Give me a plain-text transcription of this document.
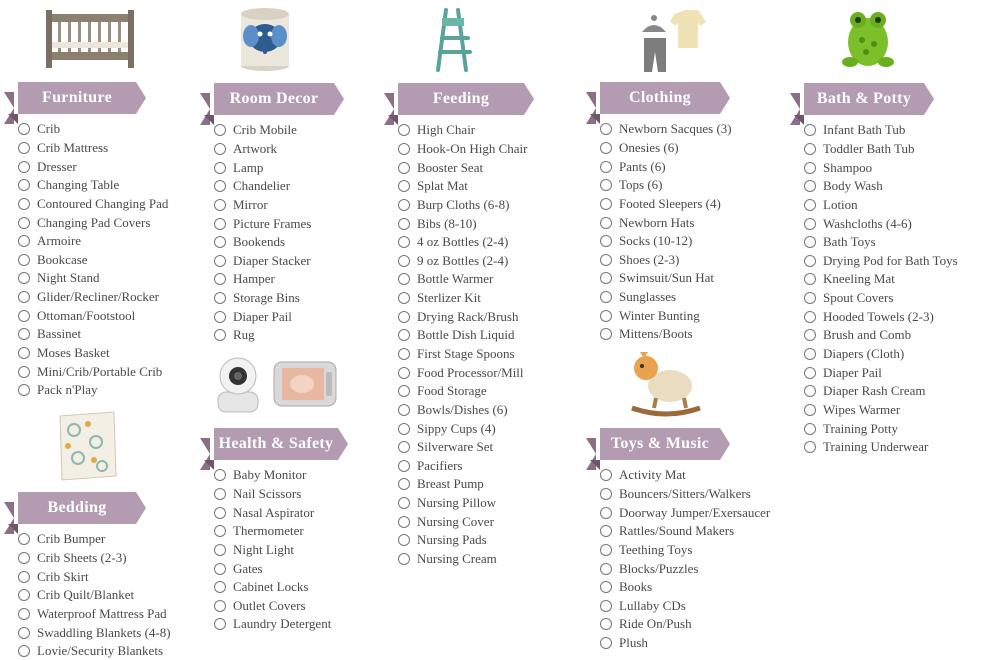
Furniture
Crib
Crib Mattress
Dresser
Changing Table
Contoured Changing Pad
Changing Pad Covers
Armoire
Bookcase
Night Stand
Glider/Recliner/Rocker
Ottoman/Footstool
Bassinet
Moses Basket
Mini/Crib/Portable Crib
Pack n'Play
Bedding
Crib Bumper
Crib Sheets (2-3)
Crib Skirt
Crib Quilt/Blanket
Waterproof Mattress Pad
Swaddling Blankets (4-8)
Lovie/Security Blankets
Room Decor
Crib Mobile
Artwork
Lamp
Chandelier
Mirror
Picture Frames
Bookends
Diaper Stacker
Hamper
Storage Bins
Diaper Pail
Rug
Health & Safety
Baby Monitor
Nail Scissors
Nasal Aspirator
Thermometer
Night Light
Gates
Cabinet Locks
Outlet Covers
Laundry Detergent
Feeding
High Chair
Hook-On High Chair
Booster Seat
Splat Mat
Burp Cloths (6-8)
Bibs (8-10)
4 oz Bottles (2-4)
9 oz Bottles (2-4)
Bottle Warmer
Sterlizer Kit
Drying Rack/Brush
Bottle Dish Liquid
First Stage Spoons
Food Processor/Mill
Food Storage
Bowls/Dishes (6)
Sippy Cups (4)
Silverware Set
Pacifiers
Breast Pump
Nursing Pillow
Nursing Cover
Nursing Pads
Nursing Cream
Clothing
Newborn Sacques (3)
Onesies (6)
Pants (6)
Tops (6)
Footed Sleepers (4)
Newborn Hats
Socks (10-12)
Shoes (2-3)
Swimsuit/Sun Hat
Sunglasses
Winter Bunting
Mittens/Boots
Toys & Music
Activity Mat
Bouncers/Sitters/Walkers
Doorway Jumper/Exersaucer
Rattles/Sound Makers
Teething Toys
Blocks/Puzzles
Books
Lullaby CDs
Ride On/Push
Plush
Bath & Potty
Infant Bath Tub
Toddler Bath Tub
Shampoo
Body Wash
Lotion
Washcloths (4-6)
Bath Toys
Drying Pod for Bath Toys
Kneeling Mat
Spout Covers
Hooded Towels (2-3)
Brush and Comb
Diapers (Cloth)
Diaper Pail
Diaper Rash Cream
Wipes Warmer
Training Potty
Training Underwear
